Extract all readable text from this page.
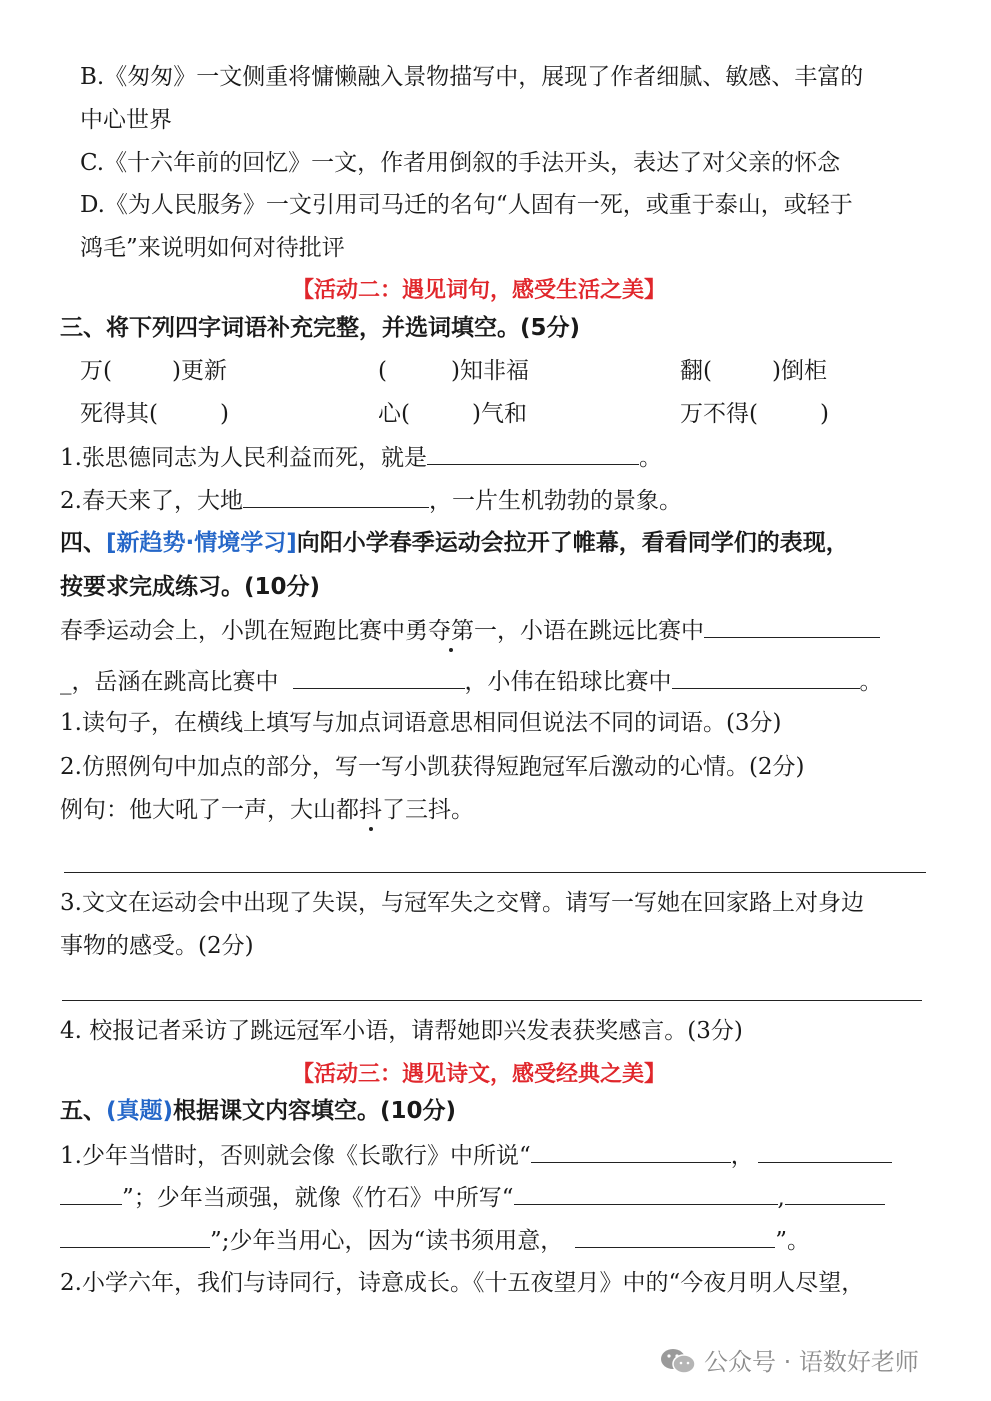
B.《匆匆》一文侧重将慵懒融入景物描写中，展现了作者细腻、敏感、丰富的
中心世界
C.《十六年前的回忆》一文，作者用倒叙的手法开头，表达了对父亲的怀念
D.《为人民服务》一文引用司马迁的名句“人固有一死，或重于泰山，或轻于
鸿毛”来说明如何对待批评
【活动二：遇见词句，感受生活之美】
三、将下列四字词语补充完整，并选词填空。(5分)
万(	)更新	(	)知非福	翻(	)倒柜
死得其(	)	心(	)气和	万不得(	)
1.张思德同志为人民利益而死，就是	。
2.春天来了，大地	，一片生机勃勃的景象。
四、[新趋势·情境学习]向阳小学春季运动会拉开了帷幕，看看同学们的表现，
按要求完成练习。(10分)
春季运动会上，小凯在短跑比赛中勇夺第一，小语在跳远比赛中
_，岳涵在跳高比赛中	，小伟在铅球比赛中	。
1.读句子，在横线上填写与加点词语意思相同但说法不同的词语。(3分)
2.仿照例句中加点的部分，写一写小凯获得短跑冠军后激动的心情。(2分)
例句：他大吼了一声，大山都抖了三抖。
3.文文在运动会中出现了失误，与冠军失之交臂。请写一写她在回家路上对身边
事物的感受。(2分)
4. 校报记者采访了跳远冠军小语，请帮她即兴发表获奖感言。(3分)
【活动三：遇见诗文，感受经典之美】
五、(真题)根据课文内容填空。(10分)
1.少年当惜时，否则就会像《长歌行》中所说“	，
”；少年当顽强，就像《竹石》中所写“	,
”;少年当用心，因为“读书须用意，	”。
2.小学六年，我们与诗同行，诗意成长。《十五夜望月》中的“今夜月明人尽望，
公众号 · 语数好老师
